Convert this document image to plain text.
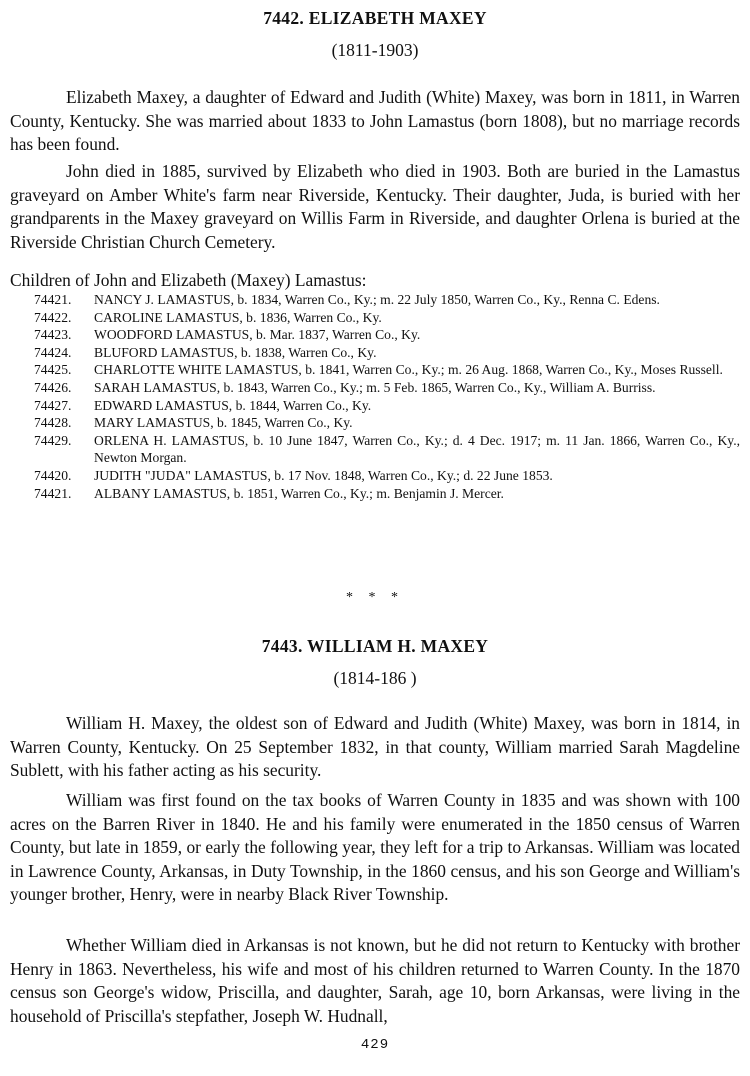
7442. ELIZABETH MAXEY
(1811-1903)

Elizabeth Maxey, a daughter of Edward and Judith (White) Maxey, was born in 1811, in Warren County, Kentucky. She was married about 1833 to John Lamastus (born 1808), but no marriage records has been found.

John died in 1885, survived by Elizabeth who died in 1903. Both are buried in the Lamastus graveyard on Amber White's farm near Riverside, Kentucky. Their daughter, Juda, is buried with her grandparents in the Maxey graveyard on Willis Farm in Riverside, and daughter Orlena is buried at the Riverside Christian Church Cemetery.

Children of John and Elizabeth (Maxey) Lamastus:

74421.	NANCY J. LAMASTUS, b. 1834, Warren Co., Ky.; m. 22 July 1850, Warren Co., Ky., Renna C. Edens.
74422.	CAROLINE LAMASTUS, b. 1836, Warren Co., Ky.
74423.	WOODFORD LAMASTUS, b. Mar. 1837, Warren Co., Ky.
74424.	BLUFORD LAMASTUS, b. 1838, Warren Co., Ky.
74425.	CHARLOTTE WHITE LAMASTUS, b. 1841, Warren Co., Ky.; m. 26 Aug. 1868, Warren Co., Ky., Moses Russell.
74426.	SARAH LAMASTUS, b. 1843, Warren Co., Ky.; m. 5 Feb. 1865, Warren Co., Ky., William A. Burriss.
74427.	EDWARD LAMASTUS, b. 1844, Warren Co., Ky.
74428.	MARY LAMASTUS, b. 1845, Warren Co., Ky.
74429.	ORLENA H. LAMASTUS, b. 10 June 1847, Warren Co., Ky.; d. 4 Dec. 1917; m. 11 Jan. 1866, Warren Co., Ky., Newton Morgan.
74420.	JUDITH "JUDA" LAMASTUS, b. 17 Nov. 1848, Warren Co., Ky.; d. 22 June 1853.
74421.	ALBANY LAMASTUS, b. 1851, Warren Co., Ky.; m. Benjamin J. Mercer.
* * *
7443. WILLIAM H. MAXEY
(1814-186 )

William H. Maxey, the oldest son of Edward and Judith (White) Maxey, was born in 1814, in Warren County, Kentucky. On 25 September 1832, in that county, William married Sarah Magdeline Sublett, with his father acting as his security.

William was first found on the tax books of Warren County in 1835 and was shown with 100 acres on the Barren River in 1840. He and his family were enumerated in the 1850 census of Warren County, but late in 1859, or early the following year, they left for a trip to Arkansas. William was located in Lawrence County, Arkansas, in Duty Township, in the 1860 census, and his son George and William's younger brother, Henry, were in nearby Black River Township.

Whether William died in Arkansas is not known, but he did not return to Kentucky with brother Henry in 1863. Nevertheless, his wife and most of his children returned to Warren County. In the 1870 census son George's widow, Priscilla, and daughter, Sarah, age 10, born Arkansas, were living in the household of Priscilla's stepfather, Joseph W. Hudnall,

429
